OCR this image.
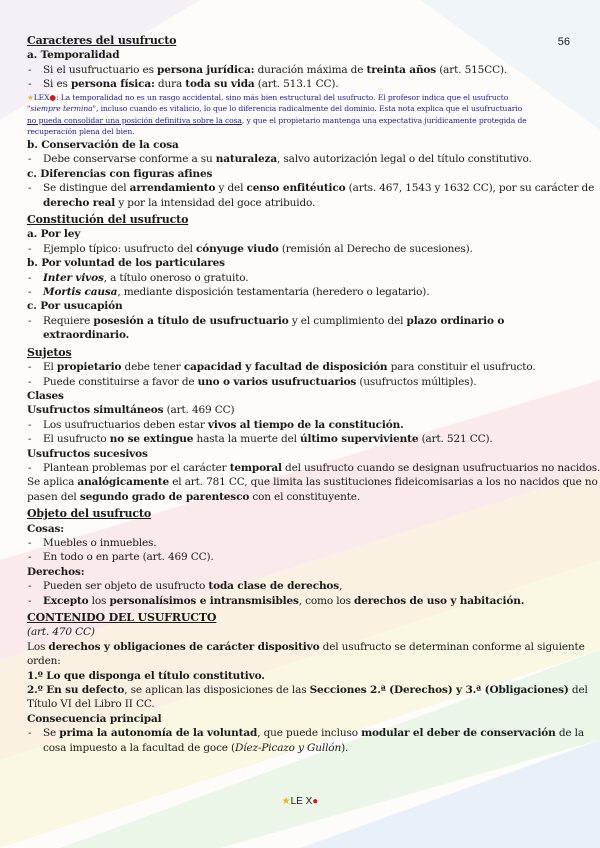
56
Caracteres del usufructo
a. Temporalidad
- Si el usufructuario es persona jurídica: duración máxima de treinta años (art. 515CC).
- Si es persona física: dura toda su vida (art. 513.1 CC).
★LEX●: La temporalidad no es un rasgo accidental, sino más bien estructural del usufructo. El profesor indica que el usufructo
"siempre termina", incluso cuando es vitalicio, lo que lo diferencia radicalmente del dominio. Esta nota explica que el usufructuario
no pueda consolidar una posición definitiva sobre la cosa, y que el propietario mantenga una expectativa jurídicamente protegida de
recuperación plena del bien.
b. Conservación de la cosa
- Debe conservarse conforme a su naturaleza, salvo autorización legal o del título constitutivo.
c. Diferencias con figuras afines
- Se distingue del arrendamiento y del censo enfitéutico (arts. 467, 1543 y 1632 CC), por su carácter de
derecho real y por la intensidad del goce atribuido.
Constitución del usufructo
a. Por ley
- Ejemplo típico: usufructo del cónyuge viudo (remisión al Derecho de sucesiones).
b. Por voluntad de los particulares
- Inter vivos, a título oneroso o gratuito.
- Mortis causa, mediante disposición testamentaria (heredero o legatario).
c. Por usucapión
- Requiere posesión a título de usufructuario y el cumplimiento del plazo ordinario o
extraordinario.
Sujetos
- El propietario debe tener capacidad y facultad de disposición para constituir el usufructo.
- Puede constituirse a favor de uno o varios usufructuarios (usufructos múltiples).
Clases
Usufructos simultáneos (art. 469 CC)
- Los usufructuarios deben estar vivos al tiempo de la constitución.
- El usufructo no se extingue hasta la muerte del último superviviente (art. 521 CC).
Usufructos sucesivos
- Plantean problemas por el carácter temporal del usufructo cuando se designan usufructuarios no nacidos.
Se aplica analógicamente el art. 781 CC, que limita las sustituciones fideicomisarias a los no nacidos que no
pasen del segundo grado de parentesco con el constituyente.
Objeto del usufructo
Cosas:
- Muebles o inmuebles.
- En todo o en parte (art. 469 CC).
Derechos:
- Pueden ser objeto de usufructo toda clase de derechos,
- Excepto los personalísimos e intransmisibles, como los derechos de uso y habitación.
CONTENIDO DEL USUFRUCTO
(art. 470 CC)
Los derechos y obligaciones de carácter dispositivo del usufructo se determinan conforme al siguiente
orden:
1.º Lo que disponga el título constitutivo.
2.º En su defecto, se aplican las disposiciones de las Secciones 2.ª (Derechos) y 3.ª (Obligaciones) del
Título VI del Libro II CC.
Consecuencia principal
- Se prima la autonomía de la voluntad, que puede incluso modular el deber de conservación de la
cosa impuesto a la facultad de goce (Díez-Picazo y Gullón).
★LE X●
